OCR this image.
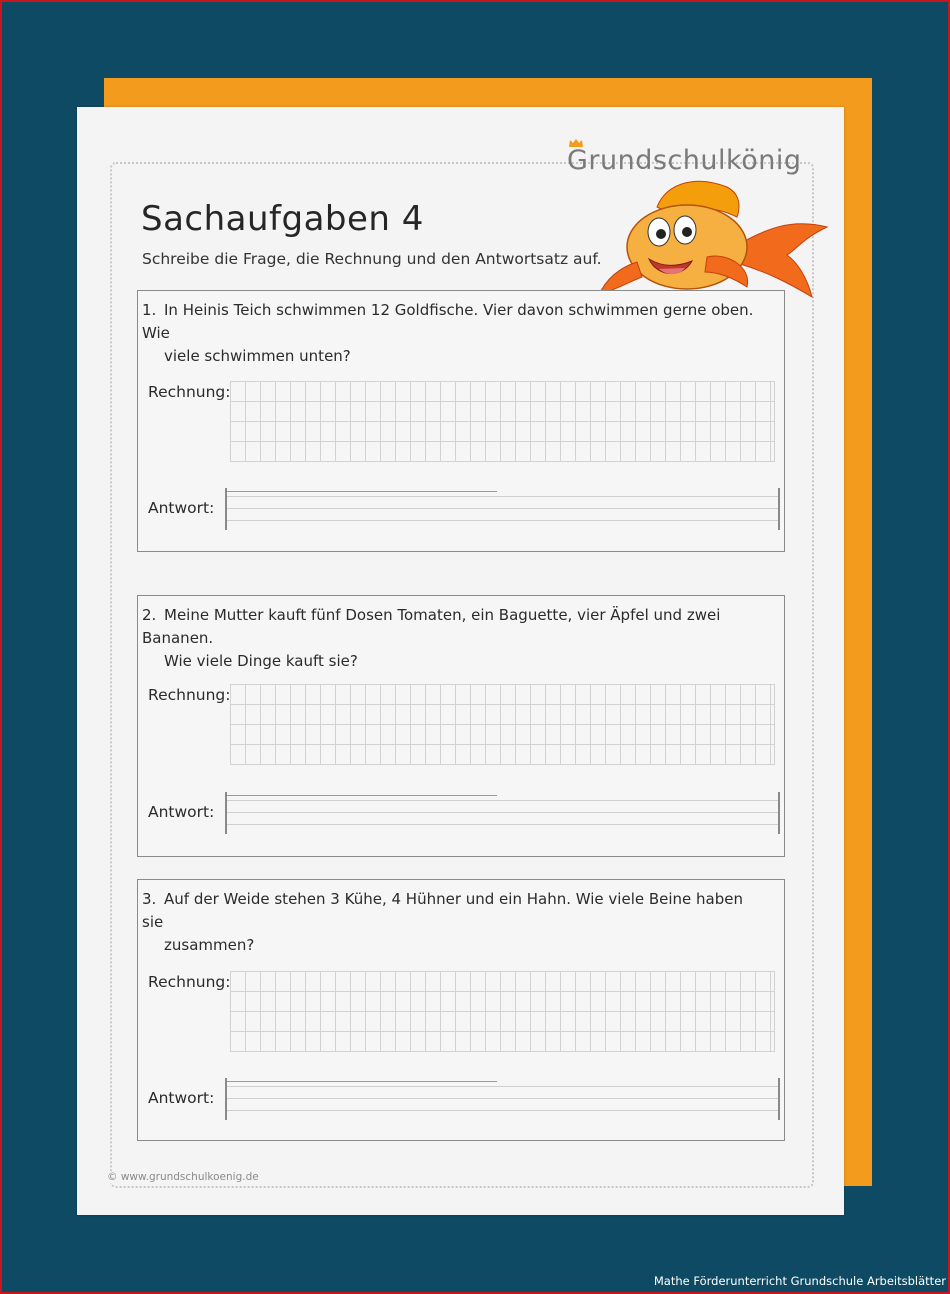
Grundschulkönig
Sachaufgaben 4
Schreibe die Frage, die Rechnung und den Antwortsatz auf.
1. In Heinis Teich schwimmen 12 Goldfische. Vier davon schwimmen gerne oben. Wie
viele schwimmen unten?
Rechnung:
Antwort:
2. Meine Mutter kauft fünf Dosen Tomaten, ein Baguette, vier Äpfel und zwei Bananen.
Wie viele Dinge kauft sie?
Rechnung:
Antwort:
3. Auf der Weide stehen 3 Kühe, 4 Hühner und ein Hahn. Wie viele Beine haben sie
zusammen?
Rechnung:
Antwort:
© www.grundschulkoenig.de
Mathe Förderunterricht Grundschule Arbeitsblätter
